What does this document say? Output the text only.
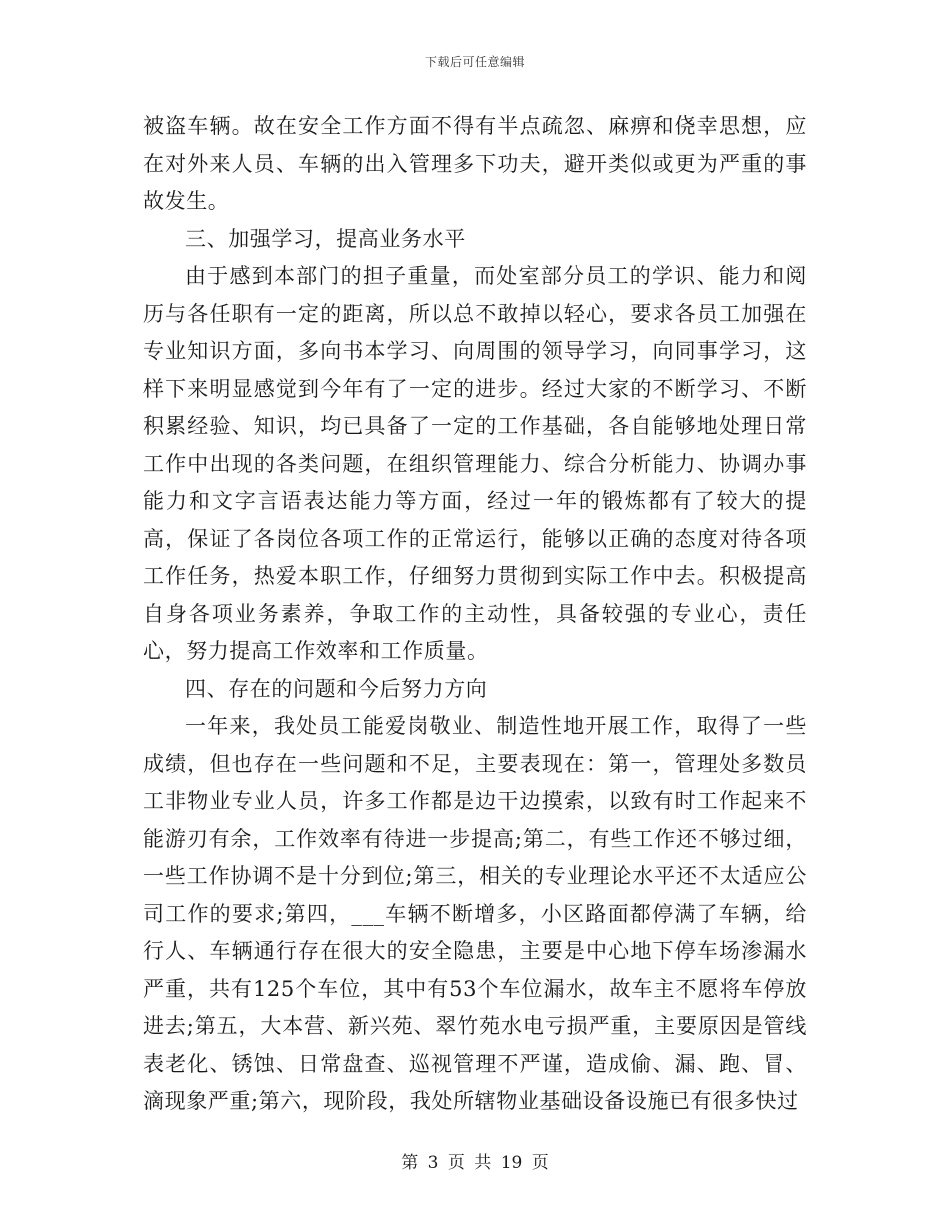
下载后可任意编辑

被盗车辆。故在安全工作方面不得有半点疏忽、麻痹和侥幸思想，应在对外来人员、车辆的出入管理多下功夫，避开类似或更为严重的事故发生。

三、加强学习，提高业务水平

由于感到本部门的担子重量，而处室部分员工的学识、能力和阅历与各任职有一定的距离，所以总不敢掉以轻心，要求各员工加强在专业知识方面，多向书本学习、向周围的领导学习，向同事学习，这样下来明显感觉到今年有了一定的进步。经过大家的不断学习、不断积累经验、知识，均已具备了一定的工作基础，各自能够地处理日常工作中出现的各类问题，在组织管理能力、综合分析能力、协调办事能力和文字言语表达能力等方面，经过一年的锻炼都有了较大的提高，保证了各岗位各项工作的正常运行，能够以正确的态度对待各项工作任务，热爱本职工作，仔细努力贯彻到实际工作中去。积极提高自身各项业务素养，争取工作的主动性，具备较强的专业心，责任心，努力提高工作效率和工作质量。

四、存在的问题和今后努力方向

一年来，我处员工能爱岗敬业、制造性地开展工作，取得了一些成绩，但也存在一些问题和不足，主要表现在：第一，管理处多数员工非物业专业人员，许多工作都是边干边摸索，以致有时工作起来不能游刃有余，工作效率有待进一步提高;第二，有些工作还不够过细，一些工作协调不是十分到位;第三，相关的专业理论水平还不太适应公司工作的要求;第四，___车辆不断增多，小区路面都停满了车辆，给行人、车辆通行存在很大的安全隐患，主要是中心地下停车场渗漏水严重，共有125个车位，其中有53个车位漏水，故车主不愿将车停放进去;第五，大本营、新兴苑、翠竹苑水电亏损严重，主要原因是管线表老化、锈蚀、日常盘查、巡视管理不严谨，造成偷、漏、跑、冒、滴现象严重;第六，现阶段，我处所辖物业基础设备设施已有很多快过

第 3 页 共 19 页
